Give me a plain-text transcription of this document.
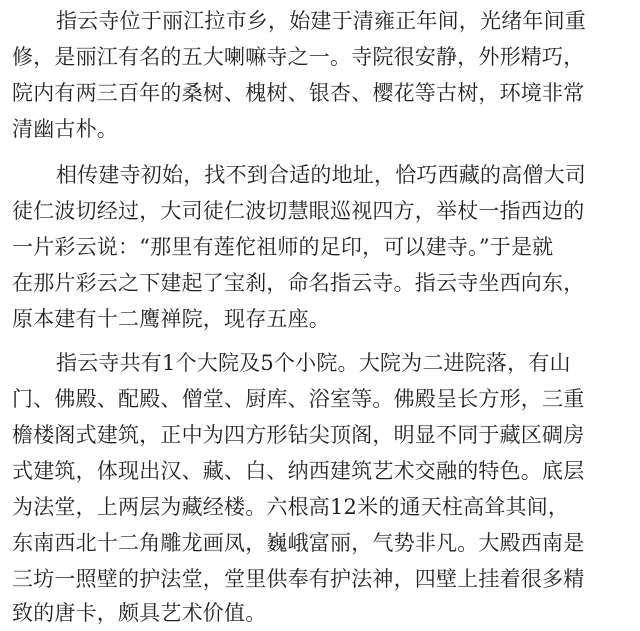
指云寺位于丽江拉市乡，始建于清雍正年间，光绪年间重
修，是丽江有名的五大喇嘛寺之一。寺院很安静，外形精巧，
院内有两三百年的桑树、槐树、银杏、樱花等古树，环境非常
清幽古朴。
相传建寺初始，找不到合适的地址，恰巧西藏的高僧大司
徒仁波切经过，大司徒仁波切慧眼巡视四方，举杖一指西边的
一片彩云说：“那里有莲佗祖师的足印，可以建寺。”于是就
在那片彩云之下建起了宝刹，命名指云寺。指云寺坐西向东，
原本建有十二鹰禅院，现存五座。
指云寺共有1个大院及5个小院。大院为二进院落，有山
门、佛殿、配殿、僧堂、厨库、浴室等。佛殿呈长方形，三重
檐楼阁式建筑，正中为四方形钻尖顶阁，明显不同于藏区碉房
式建筑，体现出汉、藏、白、纳西建筑艺术交融的特色。底层
为法堂，上两层为藏经楼。六根高12米的通天柱高耸其间，
东南西北十二角雕龙画凤，巍峨富丽，气势非凡。大殿西南是
三坊一照壁的护法堂，堂里供奉有护法神，四壁上挂着很多精
致的唐卡，颇具艺术价值。
